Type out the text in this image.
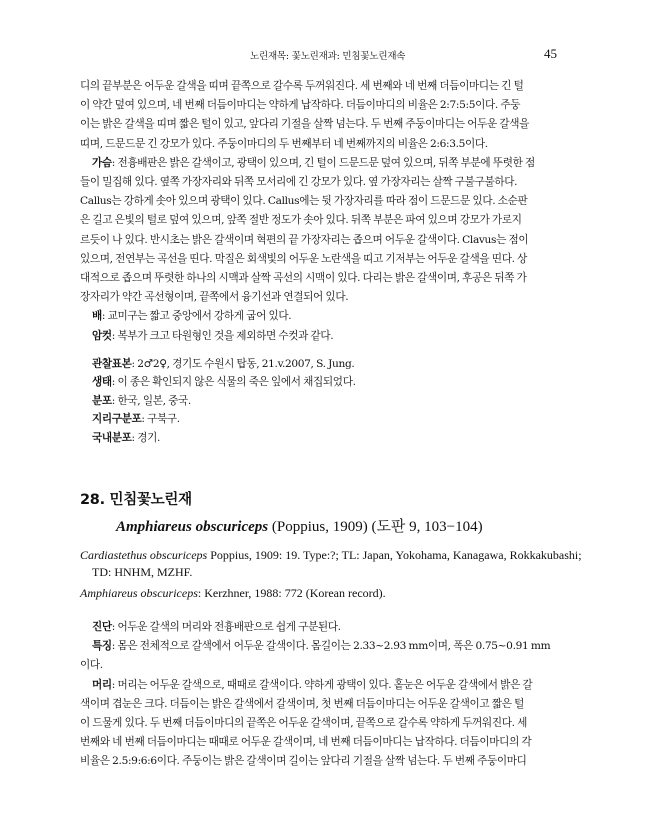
노린재목: 꽃노린재과: 민침꽃노린재속	45
디의 끝부분은 어두운 갈색을 띠며 끝쪽으로 갈수록 두꺼워진다. 세 번째와 네 번째 더듬이마디는 긴 털
이 약간 덮여 있으며, 네 번째 더듬이마디는 약하게 납작하다. 더듬이마디의 비율은 2:7:5:5이다. 주둥
이는 밝은 갈색을 띠며 짧은 털이 있고, 앞다리 기절을 살짝 넘는다. 두 번째 주둥이마디는 어두운 갈색을
띠며, 드문드문 긴 강모가 있다. 주둥이마디의 두 번째부터 네 번째까지의 비율은 2:6:3.5이다.
가슴: 전흉배판은 밝은 갈색이고, 광택이 있으며, 긴 털이 드문드문 덮여 있으며, 뒤쪽 부분에 뚜렷한 점
들이 밀집해 있다. 옆쪽 가장자리와 뒤쪽 모서리에 긴 강모가 있다. 옆 가장자리는 살짝 구불구불하다.
Callus는 강하게 솟아 있으며 광택이 있다. Callus에는 뒷 가장자리를 따라 점이 드문드문 있다. 소순판
은 길고 은빛의 털로 덮여 있으며, 앞쪽 절반 정도가 솟아 있다. 뒤쪽 부분은 파여 있으며 강모가 가로지
르듯이 나 있다. 반시초는 밝은 갈색이며 혁편의 끝 가장자리는 좁으며 어두운 갈색이다. Clavus는 점이
있으며, 전연부는 곡선을 띤다. 막질은 회색빛의 어두운 노란색을 띠고 기저부는 어두운 갈색을 띤다. 상
대적으로 좁으며 뚜렷한 하나의 시맥과 살짝 곡선의 시맥이 있다. 다리는 밝은 갈색이며, 후공은 뒤쪽 가
장자리가 약간 곡선형이며, 끝쪽에서 융기선과 연결되어 있다.
배: 교미구는 짧고 중앙에서 강하게 굽어 있다.
암컷: 복부가 크고 타원형인 것을 제외하면 수컷과 같다.
관찰표본: 2♂2♀, 경기도 수원시 탑동, 21.v.2007, S. Jung.
생태: 이 종은 확인되지 않은 식물의 죽은 잎에서 채집되었다.
분포: 한국, 일본, 중국.
지리구분포: 구북구.
국내분포: 경기.
28. 민침꽃노린재
Amphiareus obscuriceps (Poppius, 1909) (도판 9, 103−104)
Cardiastethus obscuriceps Poppius, 1909: 19. Type:?; TL: Japan, Yokohama, Kanagawa, Rokkakubashi;
TD: HNHM, MZHF.
Amphiareus obscuriceps: Kerzhner, 1988: 772 (Korean record).
진단: 어두운 갈색의 머리와 전흉배판으로 쉽게 구분된다.
특징: 몸은 전체적으로 갈색에서 어두운 갈색이다. 몸길이는 2.33~2.93 mm이며, 폭은 0.75~0.91 mm
이다.
머리: 머리는 어두운 갈색으로, 때때로 갈색이다. 약하게 광택이 있다. 홑눈은 어두운 갈색에서 밝은 갈
색이며 겹눈은 크다. 더듬이는 밝은 갈색에서 갈색이며, 첫 번째 더듬이마디는 어두운 갈색이고 짧은 털
이 드물게 있다. 두 번째 더듬이마디의 끝쪽은 어두운 갈색이며, 끝쪽으로 갈수록 약하게 두꺼워진다. 세
번째와 네 번째 더듬이마디는 때때로 어두운 갈색이며, 네 번째 더듬이마디는 납작하다. 더듬이마디의 각
비율은 2.5:9:6:6이다. 주둥이는 밝은 갈색이며 길이는 앞다리 기절을 살짝 넘는다. 두 번째 주둥이마디
